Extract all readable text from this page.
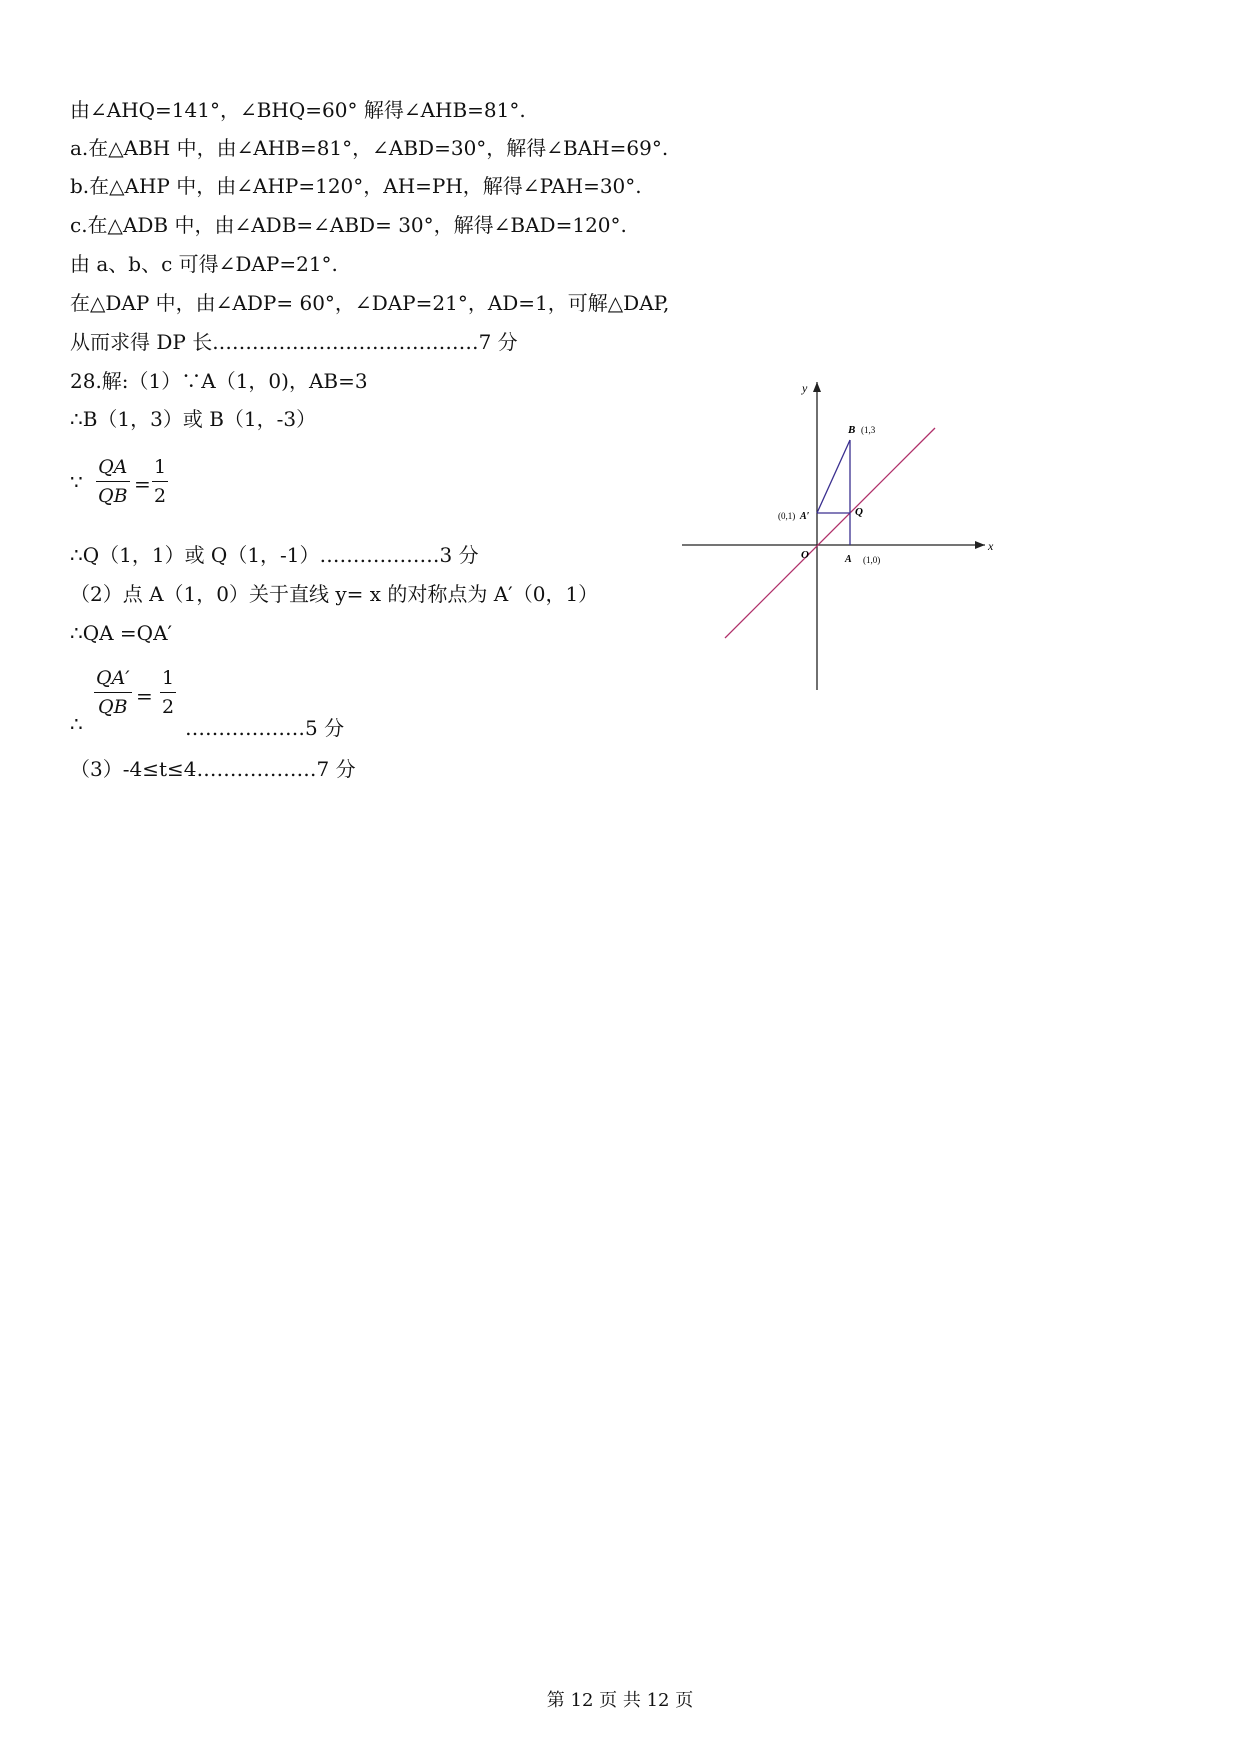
由∠AHQ=141°，∠BHQ=60° 解得∠AHB=81°.
a.在△ABH 中，由∠AHB=81°，∠ABD=30°，解得∠BAH=69°.
b.在△AHP 中，由∠AHP=120°，AH=PH，解得∠PAH=30°.
c.在△ADB 中，由∠ADB=∠ABD= 30°，解得∠BAD=120°.
由 a、b、c 可得∠DAP=21°.
在△DAP 中，由∠ADP= 60°，∠DAP=21°，AD=1，可解△DAP,
从而求得 DP 长.…………………………………7 分
28.解:（1）∵A（1，0)，AB=3
∴B（1，3）或 B（1，-3）
∵
QA
QB =
1
2
∴Q（1，1）或 Q（1，-1）………………3 分
（2）点 A（1，0）关于直线 y= x 的对称点为 A′（0，1）
∴QA =QA′
∴
QA′
QB =
1
2
………………5 分
（3）-4≤t≤4………………7 分
y
x
O
B (1,3
Q
(0,1) A′
A (1,0)
第 12 页 共 12 页
